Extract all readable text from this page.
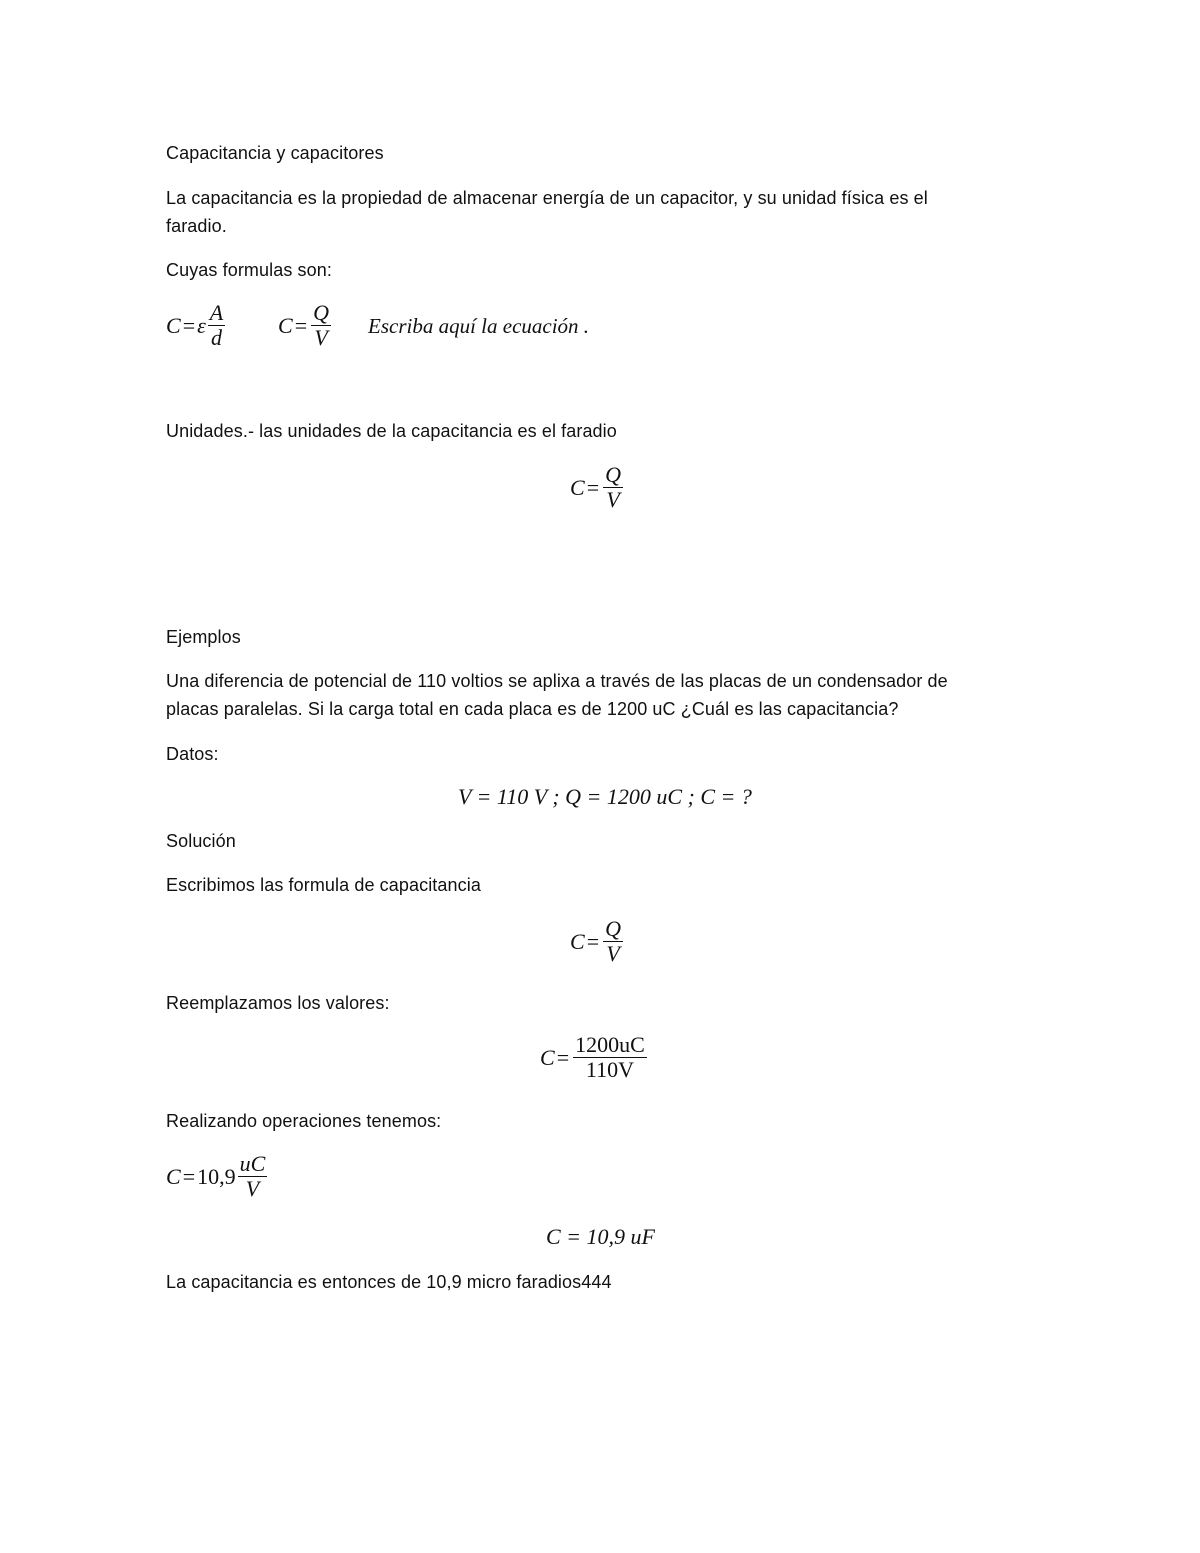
Capacitancia y capacitores
La capacitancia es la propiedad de almacenar energía de un capacitor, y su unidad física es el
faradio.
Cuyas formulas son:
C = ε $\frac{A}{d}$ $C = \frac{Q}{V}$ Escriba aquí la ecuación .
Unidades.- las unidades de la capacitancia es el faradio
$C = \frac{Q}{V}$
Ejemplos
Una diferencia de potencial de 110 voltios se aplixa a través de las placas de un condensador de
placas paralelas. Si la carga total en cada placa es de 1200 uC ¿Cuál es las capacitancia?
Datos:
V = 110 V ; Q = 1200 uC ; C = ?
Solución
Escribimos las formula de capacitancia
$C = \frac{Q}{V}$
Reemplazamos los valores:
$C = \frac{1200uC}{110V}$
Realizando operaciones tenemos:
$C = 10,9 \frac{uC}{V}$
C = 10,9 uF
La capacitancia es entonces de 10,9 micro faradios444
